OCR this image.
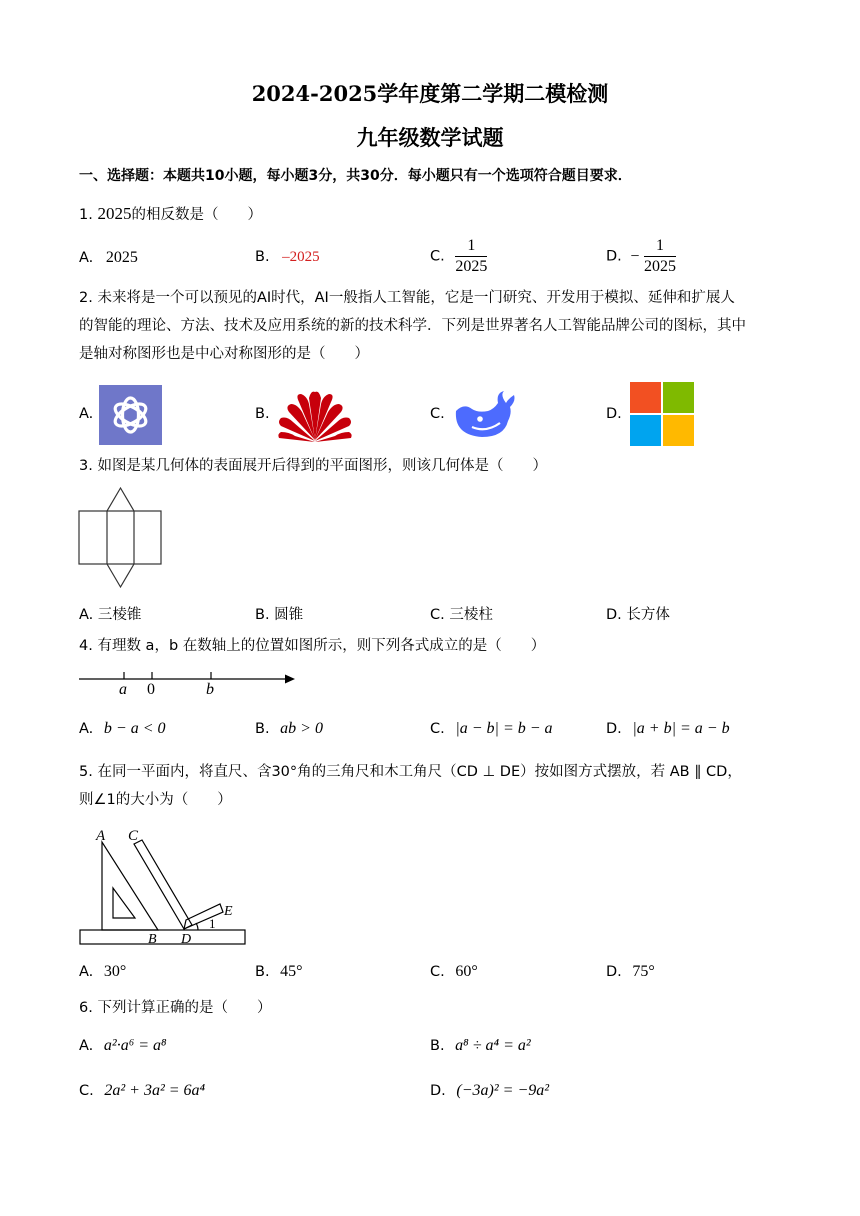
2024-2025学年度第二学期二模检测
九年级数学试题
一、选择题：本题共10小题，每小题3分，共30分．每小题只有一个选项符合题目要求．
1. 2025的相反数是（　　）
A. 2025	B. –2025	C. $\frac{1}{2025}$	D. − $\frac{1}{2025}$
2. 未来将是一个可以预见的AI时代，AI一般指人工智能，它是一门研究、开发用于模拟、延伸和扩展人
的智能的理论、方法、技术及应用系统的新的技术科学．下列是世界著名人工智能品牌公司的图标，其中
是轴对称图形也是中心对称图形的是（　　）
A.	B.	C.	D.
3. 如图是某几何体的表面展开后得到的平面图形，则该几何体是（　　）
A. 三棱锥	B. 圆锥	C. 三棱柱	D. 长方体
4. 有理数 a，b 在数轴上的位置如图所示，则下列各式成立的是（　　）
a 0	b
A. b − a < 0	B. ab > 0	C. |a − b| = b − a	D. |a + b| = a − b
5. 在同一平面内，将直尺、含30°角的三角尺和木工角尺（CD ⊥ DE）按如图方式摆放，若 AB ∥ CD，
则∠1的大小为（　　）
A C
E
1
B D
A. 30°	B. 45°	C. 60°	D. 75°
6. 下列计算正确的是（　　）
A. a²·a⁶ = a⁸	B. a⁸ ÷ a⁴ = a²
C. 2a² + 3a² = 6a⁴	D. (−3a)² = −9a²
